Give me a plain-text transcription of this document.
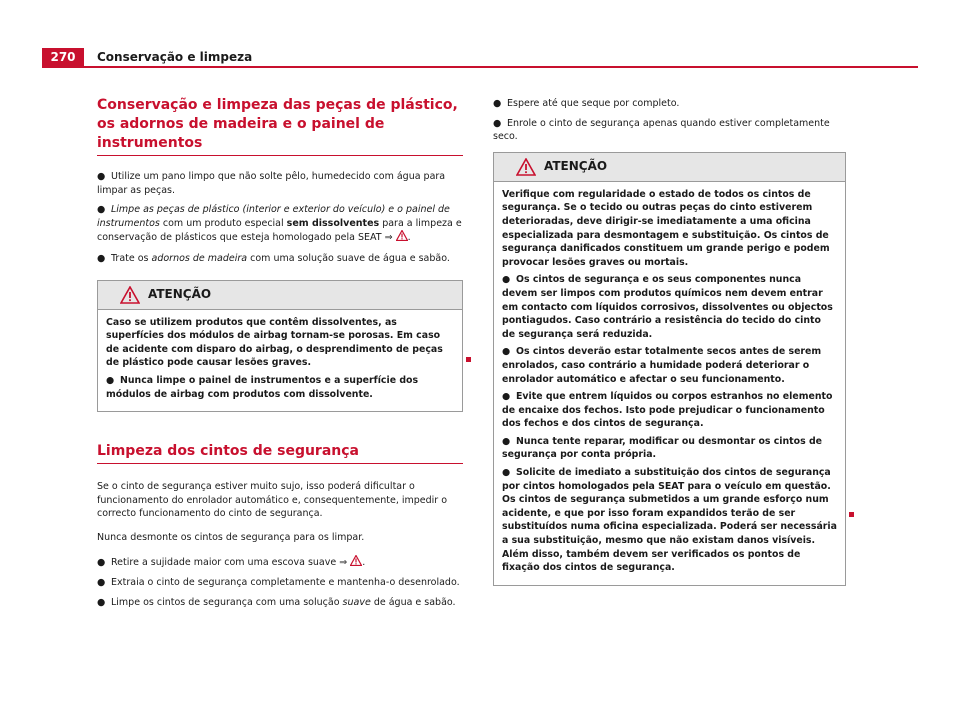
270	Conservação e limpeza
Conservação e limpeza das peças de plástico, os adornos de madeira e o painel de instrumentos
● Utilize um pano limpo que não solte pêlo, humedecido com água para limpar as peças.
● Limpe as peças de plástico (interior e exterior do veículo) e o painel de instrumentos com um produto especial sem dissolventes para a limpeza e conservação de plásticos que esteja homologado pela SEAT ⇒ .
● Trate os adornos de madeira com uma solução suave de água e sabão.
ATENÇÃO

Caso se utilizem produtos que contêm dissolventes, as superfícies dos módulos de airbag tornam-se porosas. Em caso de acidente com disparo do airbag, o desprendimento de peças de plástico pode causar lesões graves.

● Nunca limpe o painel de instrumentos e a superfície dos módulos de airbag com produtos com dissolvente.

Limpeza dos cintos de segurança

Se o cinto de segurança estiver muito sujo, isso poderá dificultar o funcionamento do enrolador automático e, consequentemente, impedir o correcto funcionamento do cinto de segurança.

Nunca desmonte os cintos de segurança para os limpar.

● Retire a sujidade maior com uma escova suave ⇒ .
● Extraia o cinto de segurança completamente e mantenha-o desenrolado.
● Limpe os cintos de segurança com uma solução suave de água e sabão.
● Espere até que seque por completo.
● Enrole o cinto de segurança apenas quando estiver completamente seco.
ATENÇÃO

Verifique com regularidade o estado de todos os cintos de segurança. Se o tecido ou outras peças do cinto estiverem deterioradas, deve dirigir-se imediatamente a uma oficina especializada para desmontagem e substituição. Os cintos de segurança danificados constituem um grande perigo e podem provocar lesões graves ou mortais.

● Os cintos de segurança e os seus componentes nunca devem ser limpos com produtos químicos nem devem entrar em contacto com líquidos corrosivos, dissolventes ou objectos pontiagudos. Caso contrário a resistência do tecido do cinto de segurança será reduzida.

● Os cintos deverão estar totalmente secos antes de serem enrolados, caso contrário a humidade poderá deteriorar o enrolador automático e afectar o seu funcionamento.

● Evite que entrem líquidos ou corpos estranhos no elemento de encaixe dos fechos. Isto pode prejudicar o funcionamento dos fechos e dos cintos de segurança.

● Nunca tente reparar, modificar ou desmontar os cintos de segurança por conta própria.

● Solicite de imediato a substituição dos cintos de segurança por cintos homologados pela SEAT para o veículo em questão. Os cintos de segurança submetidos a um grande esforço num acidente, e que por isso foram expandidos terão de ser substituídos numa oficina especializada. Poderá ser necessária a sua substituição, mesmo que não existam danos visíveis. Além disso, também devem ser verificados os pontos de fixação dos cintos de segurança.
